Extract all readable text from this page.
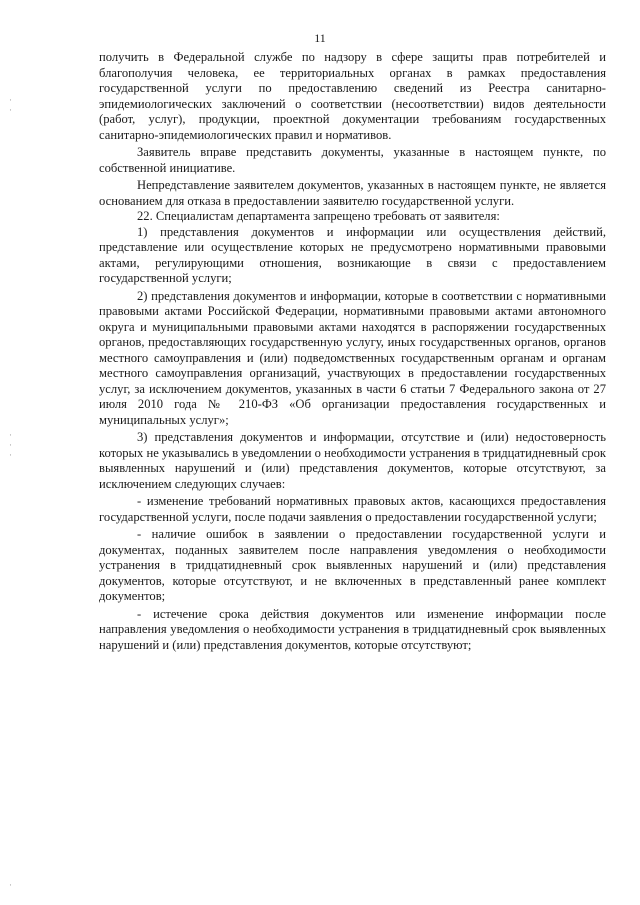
11

получить в Федеральной службе по надзору в сфере защиты прав потребителей и благополучия человека, ее территориальных органах в рамках предоставления государственной услуги по предоставлению сведений из Реестра санитарно-эпидемиологических заключений о соответствии (несоответствии) видов деятельности (работ, услуг), продукции, проектной документации требованиям государственных санитарно-эпидемиологических правил и нормативов.

Заявитель вправе представить документы, указанные в настоящем пункте, по собственной инициативе.

Непредставление заявителем документов, указанных в настоящем пункте, не является основанием для отказа в предоставлении заявителю государственной услуги.

22. Специалистам департамента запрещено требовать от заявителя:

1) представления документов и информации или осуществления действий, представление или осуществление которых не предусмотрено нормативными правовыми актами, регулирующими отношения, возникающие в связи с предоставлением государственной услуги;

2) представления документов и информации, которые в соответствии с нормативными правовыми актами Российской Федерации, нормативными правовыми актами автономного округа и муниципальными правовыми актами находятся в распоряжении государственных органов, предоставляющих государственную услугу, иных государственных органов, органов местного самоуправления и (или) подведомственных государственным органам и органам местного самоуправления организаций, участвующих в предоставлении государственных услуг, за исключением документов, указанных в части 6 статьи 7 Федерального закона от 27 июля 2010 года № 210-ФЗ «Об организации предоставления государственных и муниципальных услуг»;

3) представления документов и информации, отсутствие и (или) недостоверность которых не указывались в уведомлении о необходимости устранения в тридцатидневный срок выявленных нарушений и (или) представления документов, которые отсутствуют, за исключением следующих случаев:

- изменение требований нормативных правовых актов, касающихся предоставления государственной услуги, после подачи заявления о предоставлении государственной услуги;

- наличие ошибок в заявлении о предоставлении государственной услуги и документах, поданных заявителем после направления уведомления о необходимости устранения в тридцатидневный срок выявленных нарушений и (или) представления документов, которые отсутствуют, и не включенных в представленный ранее комплект документов;

- истечение срока действия документов или изменение информации после направления уведомления о необходимости устранения в тридцатидневный срок выявленных нарушений и (или) представления документов, которые отсутствуют;

·
·
·
·
·
·
